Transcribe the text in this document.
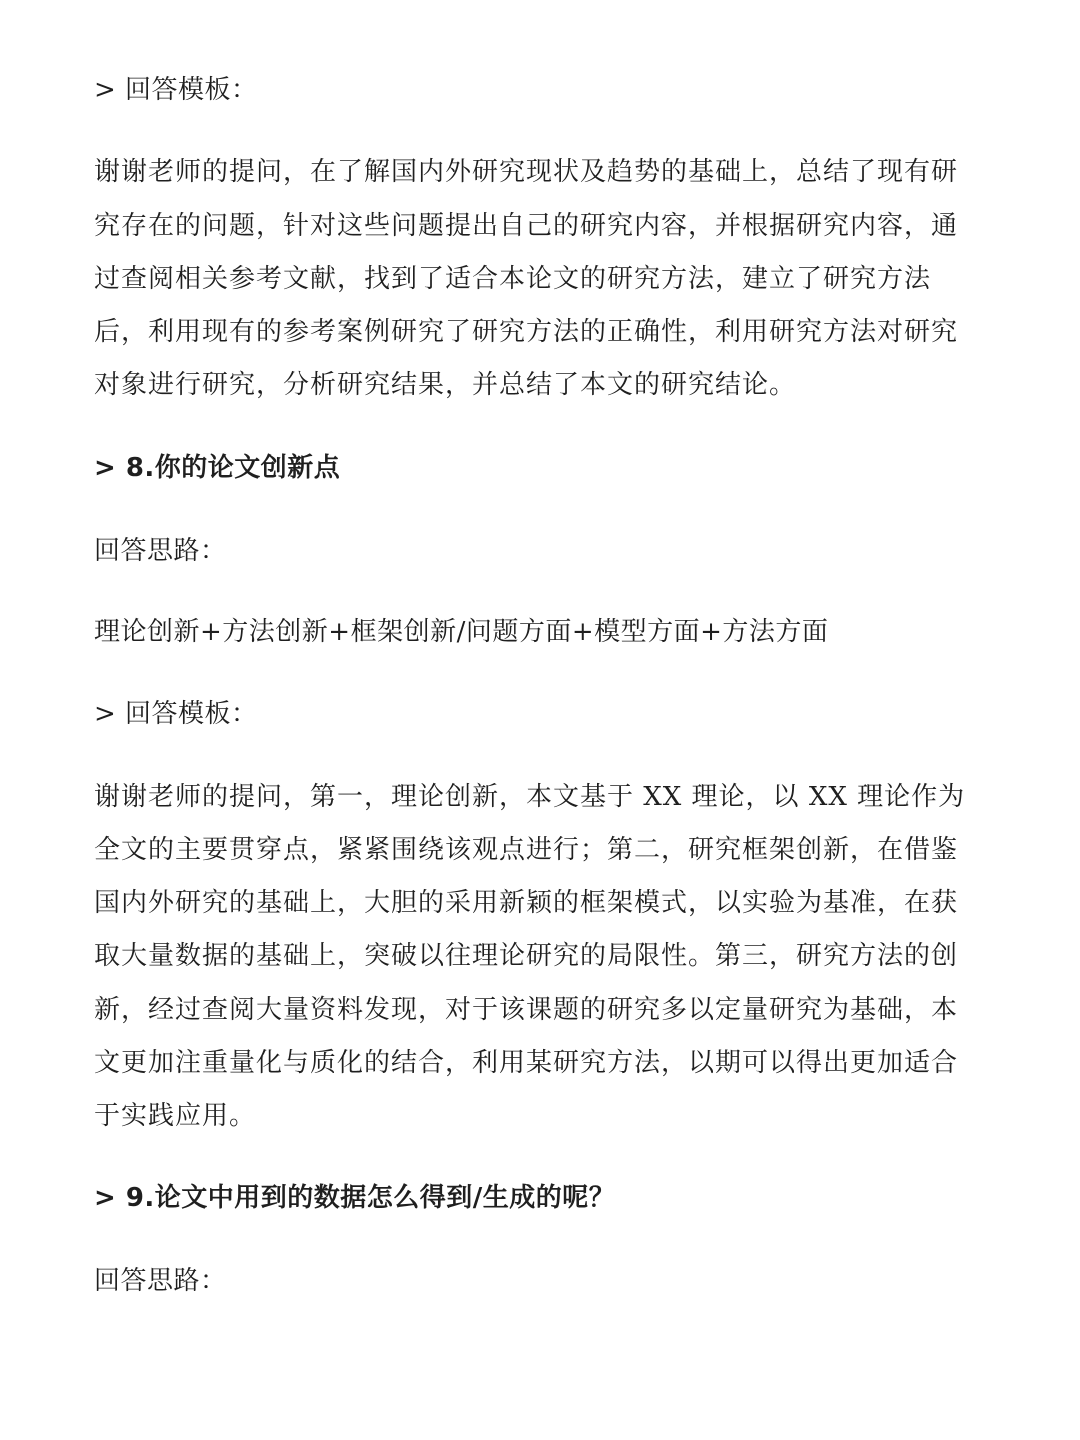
> 回答模板：
谢谢老师的提问，在了解国内外研究现状及趋势的基础上，总结了现有研
究存在的问题，针对这些问题提出自己的研究内容，并根据研究内容，通
过查阅相关参考文献，找到了适合本论文的研究方法，建立了研究方法
后，利用现有的参考案例研究了研究方法的正确性，利用研究方法对研究
对象进行研究，分析研究结果，并总结了本文的研究结论。
> 8.你的论文创新点
回答思路：
理论创新+方法创新+框架创新/问题方面+模型方面+方法方面
> 回答模板：
谢谢老师的提问，第一，理论创新，本文基于 XX 理论，以 XX 理论作为
全文的主要贯穿点，紧紧围绕该观点进行；第二，研究框架创新，在借鉴
国内外研究的基础上，大胆的采用新颖的框架模式，以实验为基准，在获
取大量数据的基础上，突破以往理论研究的局限性。第三，研究方法的创
新，经过查阅大量资料发现，对于该课题的研究多以定量研究为基础，本
文更加注重量化与质化的结合，利用某研究方法，以期可以得出更加适合
于实践应用。
> 9.论文中用到的数据怎么得到/生成的呢？
回答思路：
